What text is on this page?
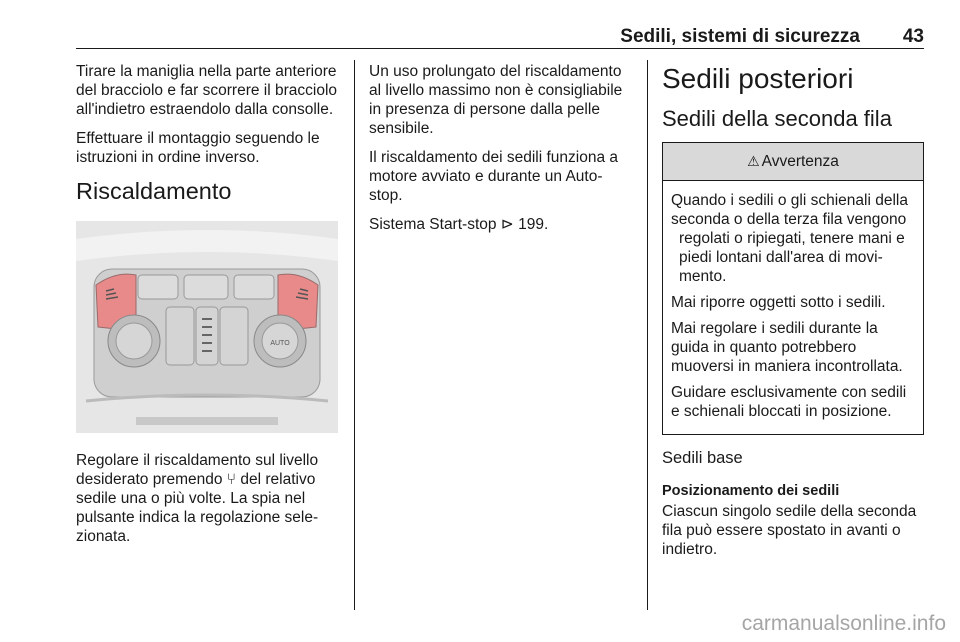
Sedili, sistemi di sicurezza 43

Tirare la maniglia nella parte anteriore del bracciolo e far scorrere il bracciolo all'indietro estraendolo dalla consolle.

Effettuare il montaggio seguendo le istruzioni in ordine inverso.

Riscaldamento
AUTO

Regolare il riscaldamento sul livello desiderato premendo ⑂ del relativo sedile una o più volte. La spia nel pulsante indica la regolazione selezionata.

Un uso prolungato del riscaldamento al livello massimo non è consigliabile in presenza di persone dalla pelle sensibile.

Il riscaldamento dei sedili funziona a motore avviato e durante un Auto-stop.

Sistema Start-stop ⊳ 199.

Sedili posteriori
Sedili della seconda fila
⚠ Avvertenza

Quando i sedili o gli schienali della seconda o della terza fila vengono

regolati o ripiegati, tenere mani e piedi lontani dall'area di movimento.

Mai riporre oggetti sotto i sedili.

Mai regolare i sedili durante la guida in quanto potrebbero muoversi in maniera incontrollata.

Guidare esclusivamente con sedili e schienali bloccati in posizione.

Sedili base
Posizionamento dei sedili

Ciascun singolo sedile della seconda fila può essere spostato in avanti o indietro.

carmanualsonline.info
